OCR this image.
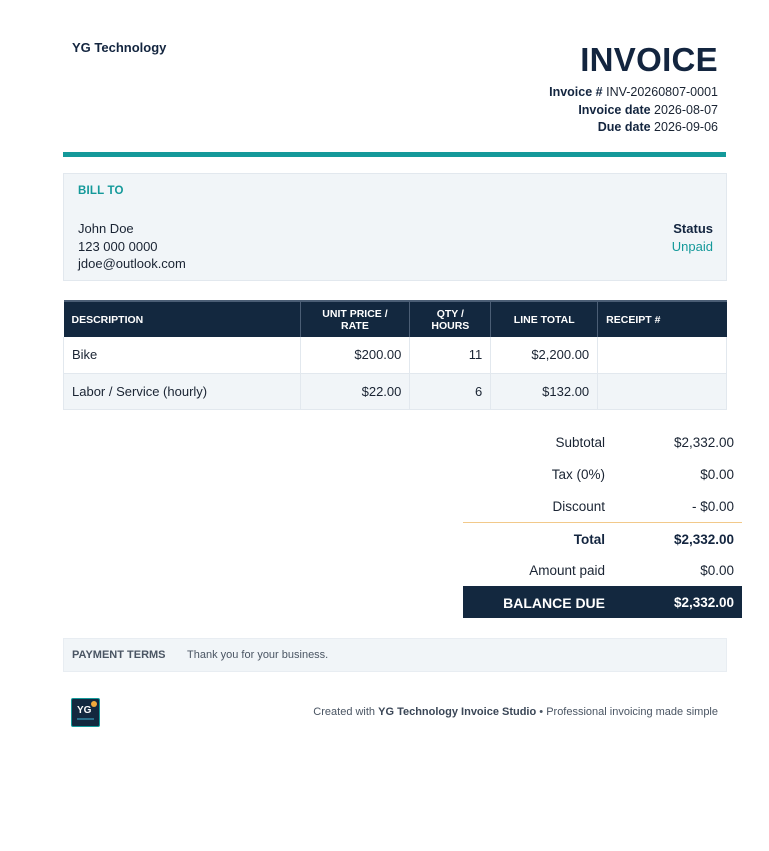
YG Technology	INVOICE
Invoice # INV-20260807-0001
Invoice date 2026-08-07
Due date 2026-09-06
BILL TO
John Doe
123 000 0000
jdoe@outlook.com
Status
Unpaid
DESCRIPTION	UNIT PRICE / RATE	QTY / HOURS	LINE TOTAL	RECEIPT #
Bike	$200.00	11	$2,200.00	
Labor / Service (hourly)	$22.00	6	$132.00	
Subtotal	$2,332.00
Tax (0%)	$0.00
Discount	- $0.00
Total	$2,332.00
Amount paid	$0.00
BALANCE DUE	$2,332.00
PAYMENT TERMS Thank you for your business.
YG	Created with YG Technology Invoice Studio • Professional invoicing made simple
